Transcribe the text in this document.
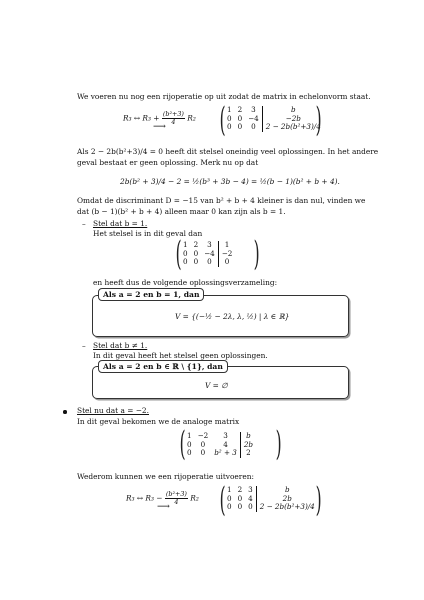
We voeren nu nog een rijoperatie op uit zodat de matrix in echelonvorm staat.
R₃ ↔ $R_3 + \frac{\text{(b²+3)}}{4} R_2$
⟶ ( 1	2	3	b
0	0	−4	−2b
0	0	0	2 − 2b(b²+3)/4
)
Als 2 − 2b(b²+3)/4 = 0 heeft dit stelsel oneindig veel oplossingen. In het andere
geval bestaat er geen oplossing. Merk nu op dat
2b(b² + 3)/4 − 2 = ½(b³ + 3b − 4) = ½(b − 1)(b² + b + 4).
Omdat de discriminant D = −15 van b² + b + 4 kleiner is dan nul, vinden we
dat (b − 1)(b² + b + 4) alleen maar 0 kan zijn als b = 1.
– Stel dat b = 1.
Het stelsel is in dit geval dan
( 1	2	3	1
0	0	−4	−2
0	0	0	0 )
en heeft dus de volgende oplossingsverzameling:
Als a = 2 en b = 1, dan
V = {(−½ − 2λ, λ, ½) | λ ∈ ℝ}
– Stel dat b ≠ 1.
In dit geval heeft het stelsel geen oplossingen.
Als a = 2 en b ∈ ℝ \ {1}, dan
V = ∅
Stel nu dat a = −2.
In dit geval bekomen we de analoge matrix
( 1	−2	3	b
0	0	4	2b
0	0	b² + 3	2 )
Wederom kunnen we een rijoperatie uitvoeren:
R₃ ↔ $R_3 - \frac{\text{(b²+3)}}{4} R_2$
⟶ ( 1	2	3	b
0	0	4	2b
0	0	0	2 − 2b(b²+3)/4 )
